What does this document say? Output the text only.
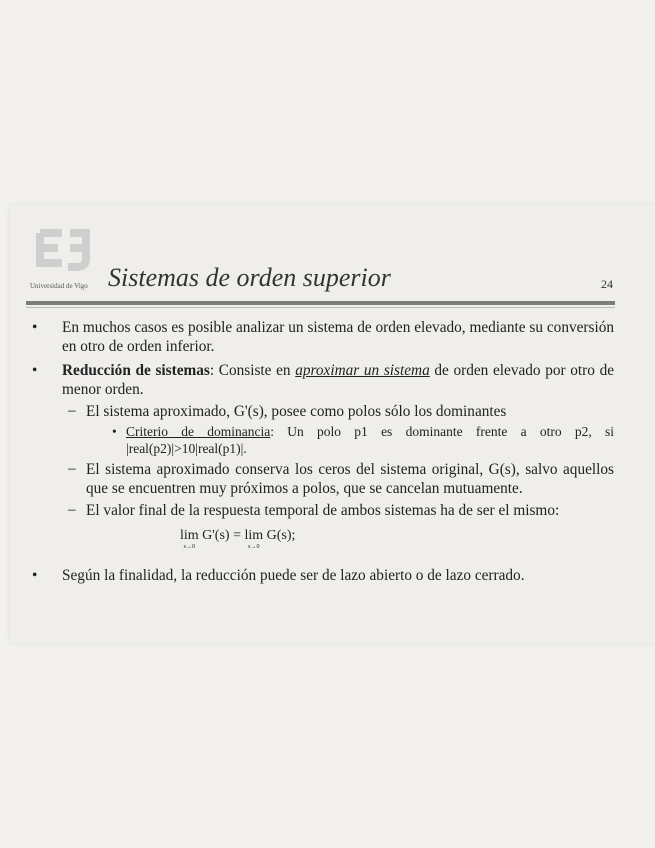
Universidad de Vigo Sistemas de orden superior	24
• En muchos casos es posible analizar un sistema de orden elevado, mediante su conversión en otro de orden inferior.
• Reducción de sistemas: Consiste en aproximar un sistema de orden elevado por otro de menor orden.
– El sistema aproximado, G'(s), posee como polos sólo los dominantes
• Criterio de dominancia: Un polo p1 es dominante frente a otro p2, si |real(p2)|>10|real(p1)|.
– El sistema aproximado conserva los ceros del sistema original, G(s), salvo aquellos que se encuentren muy próximos a polos, que se cancelan mutuamente.
– El valor final de la respuesta temporal de ambos sistemas ha de ser el mismo:
lim
s→0
G'(s) = lim
s→0
G(s);
• Según la finalidad, la reducción puede ser de lazo abierto o de lazo cerrado.
